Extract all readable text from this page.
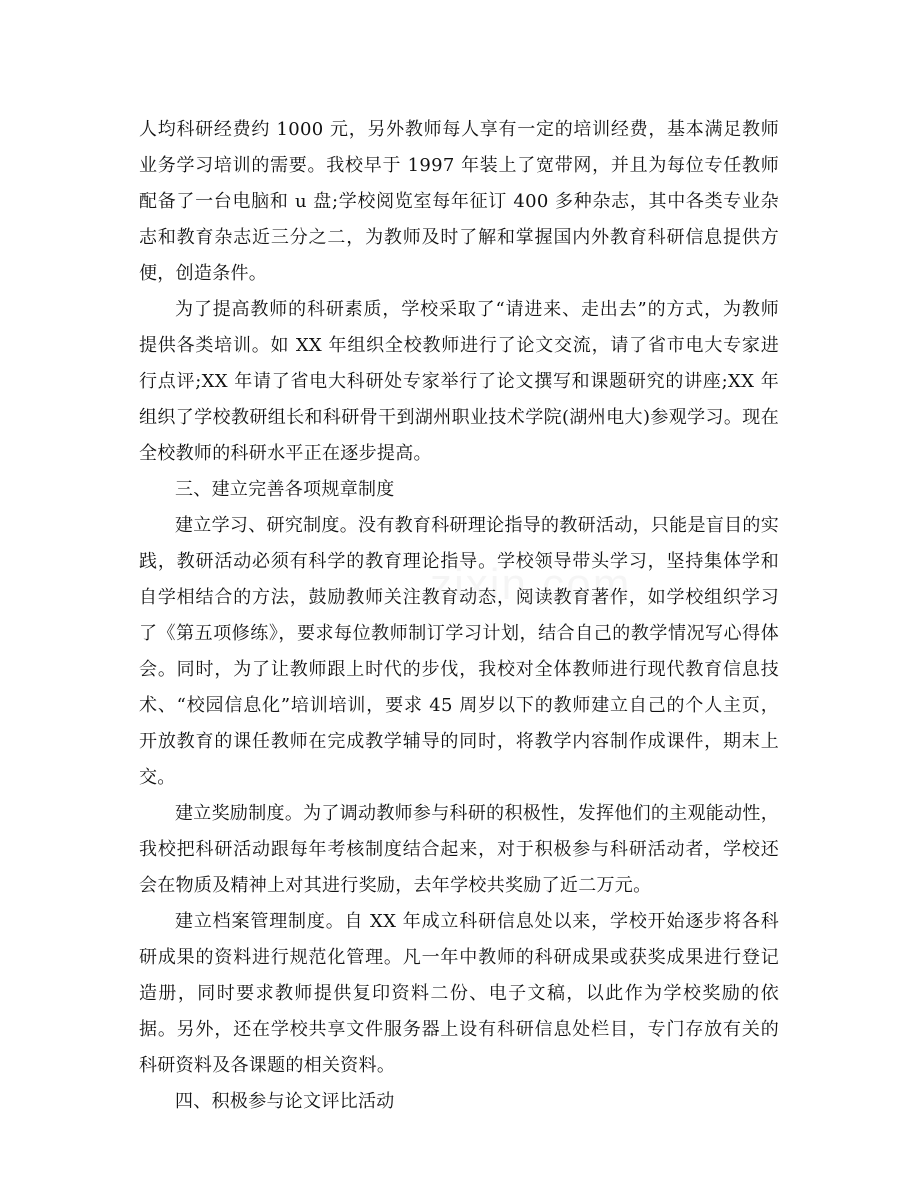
人均科研经费约 1000 元，另外教师每人享有一定的培训经费，基本满足教师业务学习培训的需要。我校早于 1997 年装上了宽带网，并且为每位专任教师配备了一台电脑和 u 盘;学校阅览室每年征订 400 多种杂志，其中各类专业杂志和教育杂志近三分之二，为教师及时了解和掌握国内外教育科研信息提供方便，创造条件。

为了提高教师的科研素质，学校采取了“请进来、走出去”的方式，为教师提供各类培训。如 XX 年组织全校教师进行了论文交流，请了省市电大专家进行点评;XX 年请了省电大科研处专家举行了论文撰写和课题研究的讲座;XX 年组织了学校教研组长和科研骨干到湖州职业技术学院(湖州电大)参观学习。现在全校教师的科研水平正在逐步提高。

三、建立完善各项规章制度

建立学习、研究制度。没有教育科研理论指导的教研活动，只能是盲目的实践，教研活动必须有科学的教育理论指导。学校领导带头学习，坚持集体学和自学相结合的方法，鼓励教师关注教育动态，阅读教育著作，如学校组织学习了《第五项修练》，要求每位教师制订学习计划，结合自己的教学情况写心得体会。同时，为了让教师跟上时代的步伐，我校对全体教师进行现代教育信息技术、“校园信息化”培训培训，要求 45 周岁以下的教师建立自己的个人主页，开放教育的课任教师在完成教学辅导的同时，将教学内容制作成课件，期末上交。

建立奖励制度。为了调动教师参与科研的积极性，发挥他们的主观能动性，我校把科研活动跟每年考核制度结合起来，对于积极参与科研活动者，学校还会在物质及精神上对其进行奖励，去年学校共奖励了近二万元。

建立档案管理制度。自 XX 年成立科研信息处以来，学校开始逐步将各科研成果的资料进行规范化管理。凡一年中教师的科研成果或获奖成果进行登记造册，同时要求教师提供复印资料二份、电子文稿，以此作为学校奖励的依据。另外，还在学校共享文件服务器上设有科研信息处栏目，专门存放有关的科研资料及各课题的相关资料。

四、积极参与论文评比活动
